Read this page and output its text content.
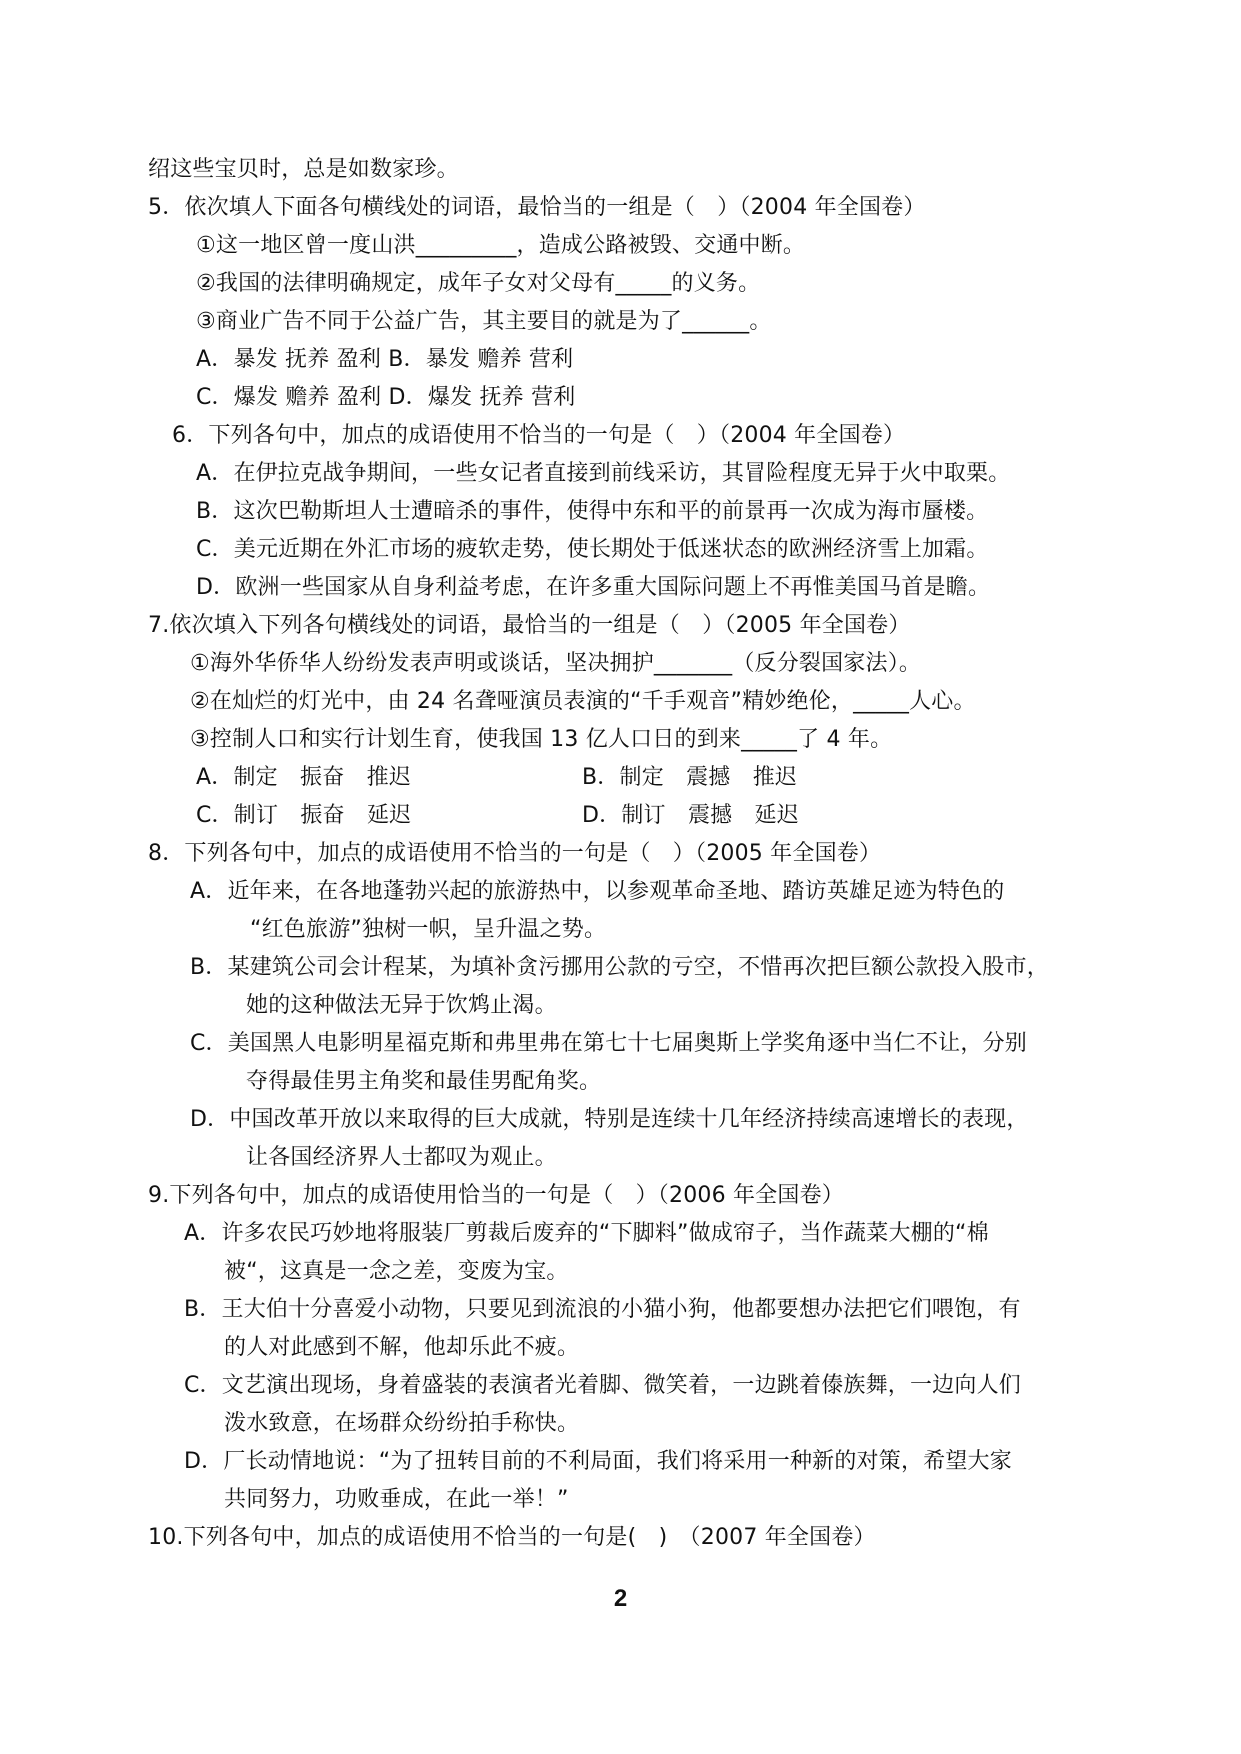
绍这些宝贝时，总是如数家珍。
5．依次填人下面各句横线处的词语，最恰当的一组是（　）（2004 年全国卷）
①这一地区曾一度山洪_________，造成公路被毁、交通中断。
②我国的法律明确规定，成年子女对父母有_____的义务。
③商业广告不同于公益广告，其主要目的就是为了______。
A．暴发 抚养 盈利 B．暴发 赡养 营利
C．爆发 赡养 盈利 D．爆发 抚养 营利
6．下列各句中，加点的成语使用不恰当的一句是（　）（2004 年全国卷）
A．在伊拉克战争期间，一些女记者直接到前线采访，其冒险程度无异于火中取栗。
B．这次巴勒斯坦人士遭暗杀的事件，使得中东和平的前景再一次成为海市蜃楼。
C．美元近期在外汇市场的疲软走势，使长期处于低迷状态的欧洲经济雪上加霜。
D．欧洲一些国家从自身利益考虑，在许多重大国际问题上不再惟美国马首是瞻。
7.依次填入下列各句横线处的词语，最恰当的一组是（　）（2005 年全国卷）
①海外华侨华人纷纷发表声明或谈话，坚决拥护_______（反分裂国家法）。
②在灿烂的灯光中，由 24 名聋哑演员表演的“千手观音”精妙绝伦，_____人心。
③控制人口和实行计划生育，使我国 13 亿人口日的到来_____了 4 年。
A．制定　振奋　推迟	B．制定　震撼　推迟
C．制订　振奋　延迟	D．制订　震撼　延迟
8．下列各句中，加点的成语使用不恰当的一句是（　）（2005 年全国卷）
A．近年来，在各地蓬勃兴起的旅游热中，以参观革命圣地、踏访英雄足迹为特色的
“红色旅游”独树一帜，呈升温之势。
B．某建筑公司会计程某，为填补贪污挪用公款的亏空，不惜再次把巨额公款投入股市，
她的这种做法无异于饮鸩止渴。
C．美国黑人电影明星福克斯和弗里弗在第七十七届奥斯上学奖角逐中当仁不让，分别
夺得最佳男主角奖和最佳男配角奖。
D．中国改革开放以来取得的巨大成就，特别是连续十几年经济持续高速增长的表现，
让各国经济界人士都叹为观止。
9.下列各句中，加点的成语使用恰当的一句是（　）（2006 年全国卷）
A．许多农民巧妙地将服装厂剪裁后废弃的“下脚料”做成帘子，当作蔬菜大棚的“棉
被“，这真是一念之差，变废为宝。
B．王大伯十分喜爱小动物，只要见到流浪的小猫小狗，他都要想办法把它们喂饱，有
的人对此感到不解，他却乐此不疲。
C．文艺演出现场，身着盛装的表演者光着脚、微笑着，一边跳着傣族舞，一边向人们
泼水致意，在场群众纷纷拍手称快。
D．厂长动情地说：“为了扭转目前的不利局面，我们将采用一种新的对策，希望大家
共同努力，功败垂成，在此一举！”
10.下列各句中，加点的成语使用不恰当的一句是(　)　（2007 年全国卷）
2
